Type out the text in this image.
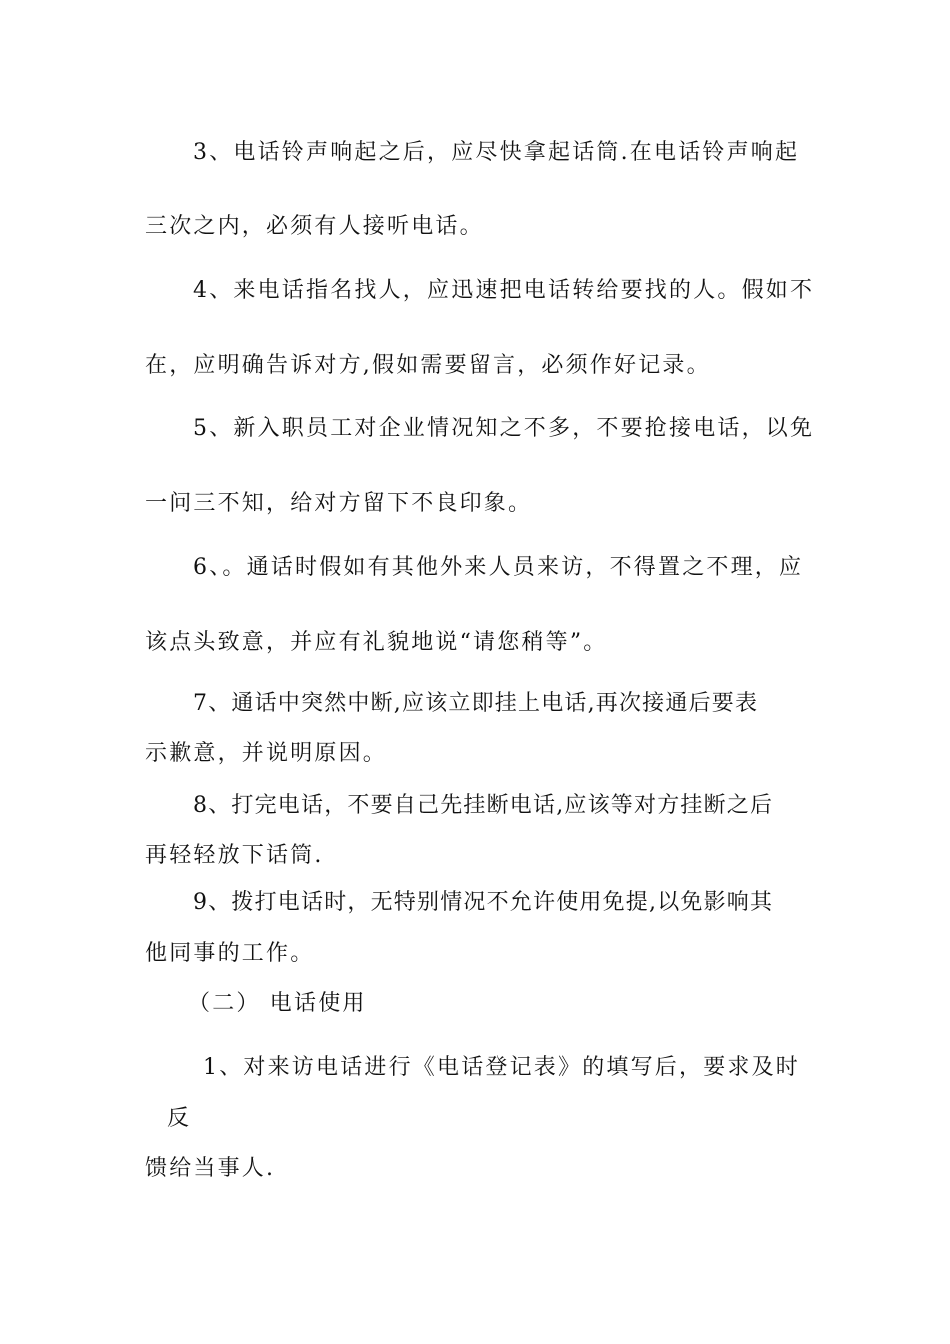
3、电话铃声响起之后，应尽快拿起话筒.在电话铃声响起
三次之内，必须有人接听电话。
4、来电话指名找人，应迅速把电话转给要找的人。假如不
在，应明确告诉对方,假如需要留言，必须作好记录。
5、新入职员工对企业情况知之不多，不要抢接电话，以免
一问三不知，给对方留下不良印象。
6、。通话时假如有其他外来人员来访，不得置之不理，应
该点头致意，并应有礼貌地说“请您稍等”。
7、通话中突然中断,应该立即挂上电话,再次接通后要表
示歉意，并说明原因。
8、打完电话，不要自己先挂断电话,应该等对方挂断之后
再轻轻放下话筒.
9、拨打电话时，无特别情况不允许使用免提,以免影响其
他同事的工作。
（二） 电话使用
1、对来访电话进行《电话登记表》的填写后，要求及时
反
馈给当事人.
